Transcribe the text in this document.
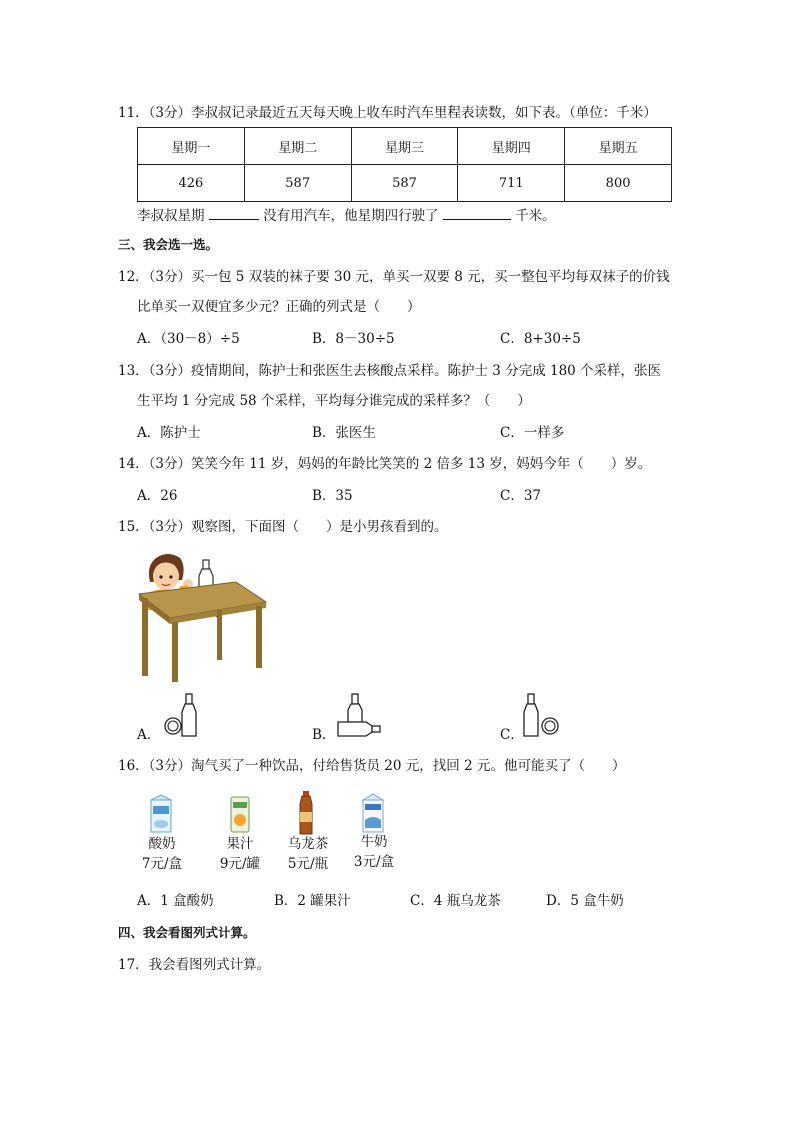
11．（3分）李叔叔记录最近五天每天晚上收车时汽车里程表读数，如下表。（单位：千米）
星期一	星期二	星期三	星期四	星期五
426	587	587	711	800
李叔叔星期	没有用汽车，他星期四行驶了	千米。
三、我会选一选。
12．（3分）买一包 5 双装的袜子要 30 元，单买一双要 8 元，买一整包平均每双袜子的价钱
比单买一双便宜多少元？正确的列式是（　　）
A．（30－8）÷5	B．8－30÷5	C．8+30÷5
13．（3分）疫情期间，陈护士和张医生去核酸点采样。陈护士 3 分完成 180 个采样，张医
生平均 1 分完成 58 个采样，平均每分谁完成的采样多？（　　）
A．陈护士	B．张医生	C．一样多
14．（3分）笑笑今年 11 岁，妈妈的年龄比笑笑的 2 倍多 13 岁，妈妈今年（　　）岁。
A．26	B．35	C．37
15．（3分）观察图，下面图（　　）是小男孩看到的。
A．	B．	C．
16．（3分）淘气买了一种饮品，付给售货员 20 元，找回 2 元。他可能买了（　　）
酸奶
7元/盒
果汁
9元/罐
乌龙茶
5元/瓶
牛奶
3元/盒
A．1 盒酸奶	B．2 罐果汁	C．4 瓶乌龙茶	D．5 盒牛奶
四、我会看图列式计算。
17．我会看图列式计算。
